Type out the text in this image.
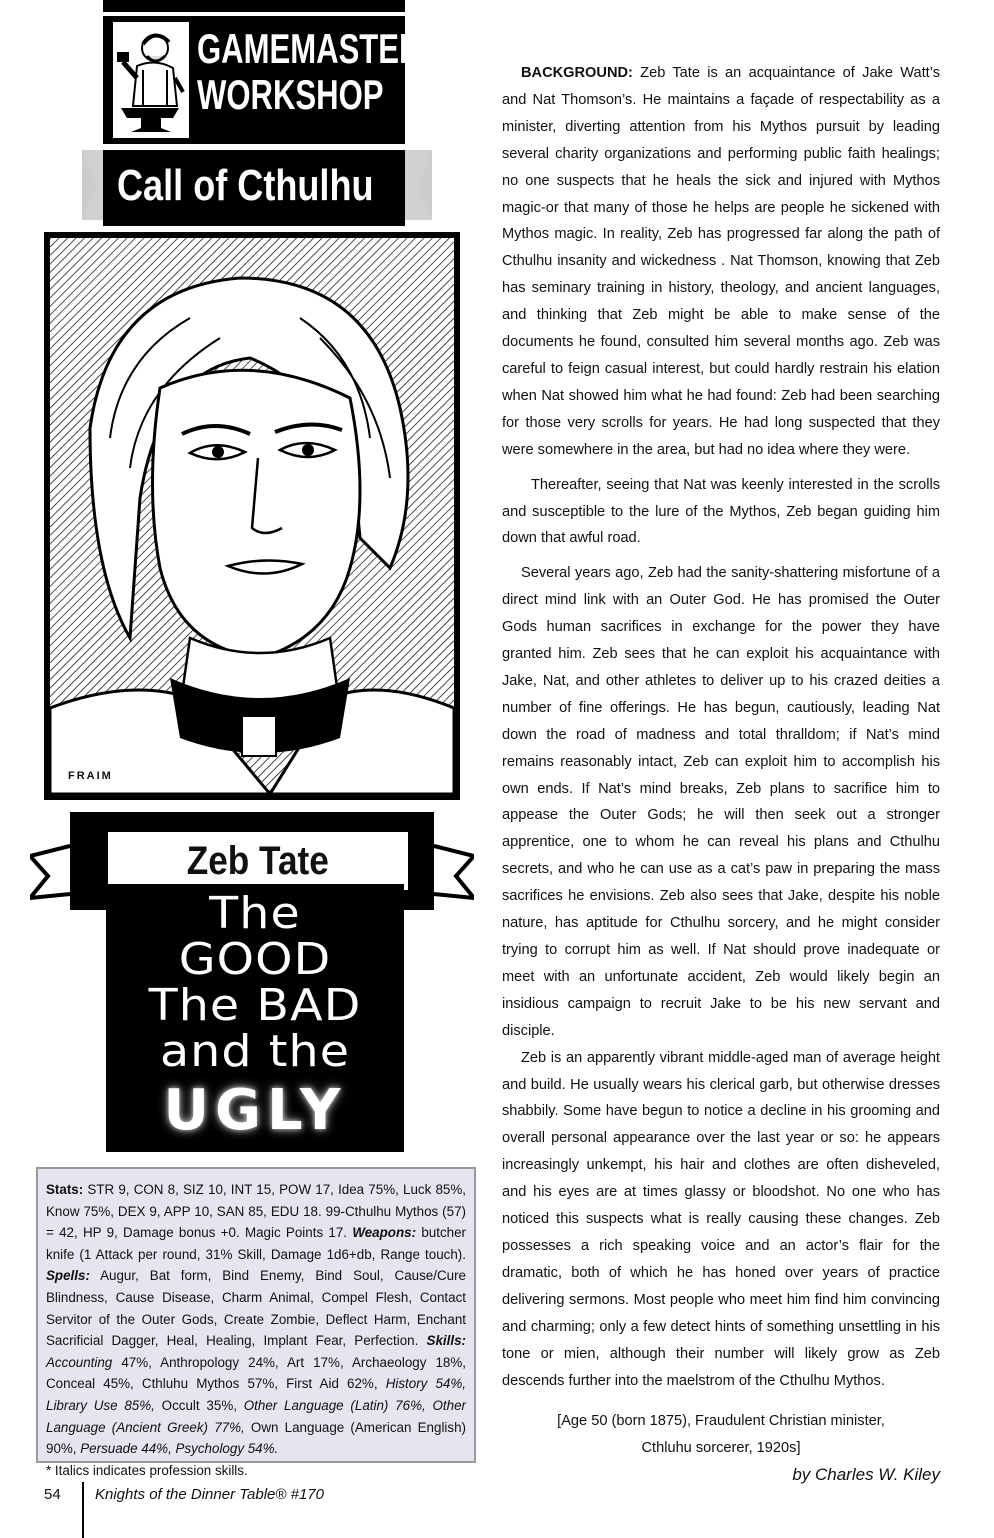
GAMEMASTERS'
WORKSHOP
Call of Cthulhu
FRAIM
Zeb Tate
The
GOOD
The BAD
and the
UGLY
Stats: STR 9, CON 8, SIZ 10, INT 15, POW 17, Idea 75%, Luck 85%, Know 75%, DEX 9, APP 10, SAN 85, EDU 18. 99-Cthulhu Mythos (57) = 42, HP 9, Damage bonus +0. Magic Points 17. Weapons: butcher knife (1 Attack per round, 31% Skill, Damage 1d6+db, Range touch). Spells: Augur, Bat form, Bind Enemy, Bind Soul, Cause/Cure Blindness, Cause Disease, Charm Animal, Compel Flesh, Contact Servitor of the Outer Gods, Create Zombie, Deflect Harm, Enchant Sacrificial Dagger, Heal, Healing, Implant Fear, Perfection. Skills: Accounting 47%, Anthropology 24%, Art 17%, Archaeology 18%, Conceal 45%, Cthluhu Mythos 57%, First Aid 62%, History 54%, Library Use 85%, Occult 35%, Other Language (Latin) 76%, Other Language (Ancient Greek) 77%, Own Language (American English) 90%, Persuade 44%, Psychology 54%.
* Italics indicates profession skills.

BACKGROUND: Zeb Tate is an acquaintance of Jake Watt’s and Nat Thomson’s. He maintains a façade of respectability as a minister, diverting attention from his Mythos pursuit by leading several charity organizations and performing public faith healings; no one suspects that he heals the sick and injured with Mythos magic-or that many of those he helps are people he sickened with Mythos magic. In reality, Zeb has progressed far along the path of Cthulhu insanity and wickedness . Nat Thomson, knowing that Zeb has seminary training in history, theology, and ancient languages, and thinking that Zeb might be able to make sense of the documents he found, consulted him several months ago. Zeb was careful to feign casual interest, but could hardly restrain his elation when Nat showed him what he had found: Zeb had been searching for those very scrolls for years. He had long suspected that they were somewhere in the area, but had no idea where they were.

Thereafter, seeing that Nat was keenly interested in the scrolls and susceptible to the lure of the Mythos, Zeb began guiding him down that awful road.

Several years ago, Zeb had the sanity-shattering misfortune of a direct mind link with an Outer God. He has promised the Outer Gods human sacrifices in exchange for the power they have granted him. Zeb sees that he can exploit his acquaintance with Jake, Nat, and other athletes to deliver up to his crazed deities a number of fine offerings. He has begun, cautiously, leading Nat down the road of madness and total thralldom; if Nat’s mind remains reasonably intact, Zeb can exploit him to accomplish his own ends. If Nat’s mind breaks, Zeb plans to sacrifice him to appease the Outer Gods; he will then seek out a stronger apprentice, one to whom he can reveal his plans and Cthulhu secrets, and who he can use as a cat’s paw in preparing the mass sacrifices he envisions. Zeb also sees that Jake, despite his noble nature, has aptitude for Cthulhu sorcery, and he might consider trying to corrupt him as well. If Nat should prove inadequate or meet with an unfortunate accident, Zeb would likely begin an insidious campaign to recruit Jake to be his new servant and disciple.

Zeb is an apparently vibrant middle-aged man of average height and build. He usually wears his clerical garb, but otherwise dresses shabbily. Some have begun to notice a decline in his grooming and overall personal appearance over the last year or so: he appears increasingly unkempt, his hair and clothes are often disheveled, and his eyes are at times glassy or bloodshot. No one who has noticed this suspects what is really causing these changes. Zeb possesses a rich speaking voice and an actor’s flair for the dramatic, both of which he has honed over years of practice delivering sermons. Most people who meet him find him convincing and charming; only a few detect hints of something unsettling in his tone or mien, although their number will likely grow as Zeb descends further into the maelstrom of the Cthulhu Mythos.

[Age 50 (born 1875), Fraudulent Christian minister,
Cthluhu sorcerer, 1920s]
by Charles W. Kiley
54 Knights of the Dinner Table® #170
